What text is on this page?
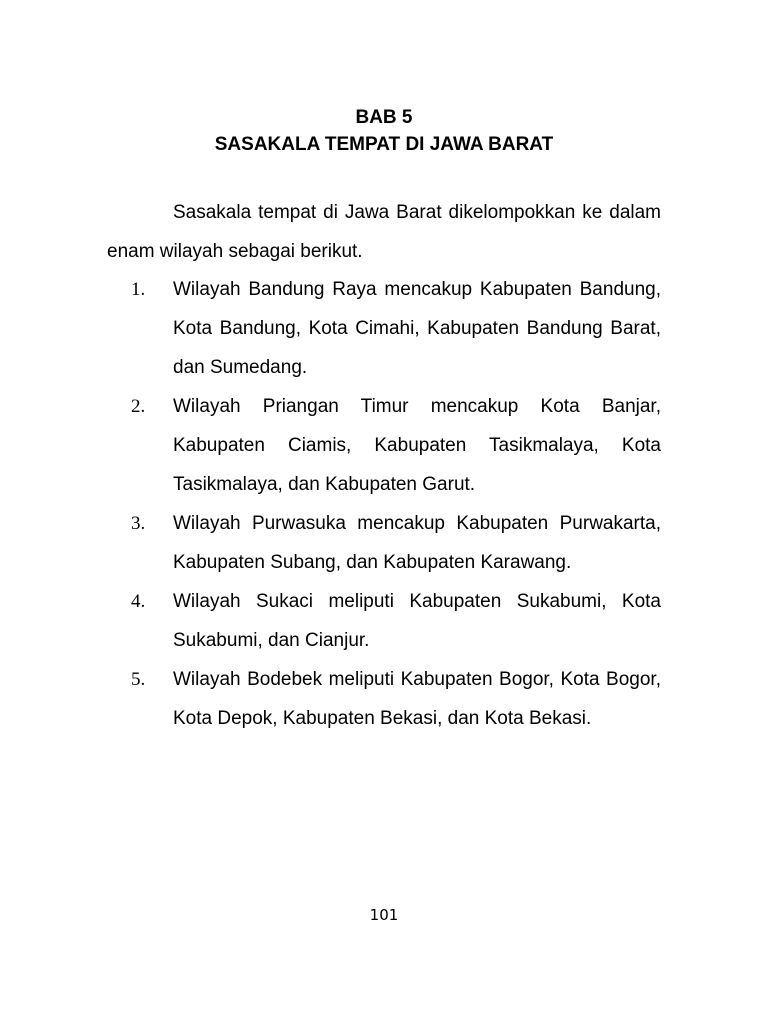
BAB 5
SASAKALA TEMPAT DI JAWA BARAT

Sasakala tempat di Jawa Barat dikelompokkan ke dalam enam wilayah sebagai berikut.

1. Wilayah Bandung Raya mencakup Kabupaten Bandung, Kota Bandung, Kota Cimahi, Kabupaten Bandung Barat, dan Sumedang.
2. Wilayah Priangan Timur mencakup Kota Banjar, Kabupaten Ciamis, Kabupaten Tasikmalaya, Kota Tasikmalaya, dan Kabupaten Garut.
3. Wilayah Purwasuka mencakup Kabupaten Purwakarta, Kabupaten Subang, dan Kabupaten Karawang.
4. Wilayah Sukaci meliputi Kabupaten Sukabumi, Kota Sukabumi, dan Cianjur.
5. Wilayah Bodebek meliputi Kabupaten Bogor, Kota Bogor, Kota Depok, Kabupaten Bekasi, dan Kota Bekasi.
101
